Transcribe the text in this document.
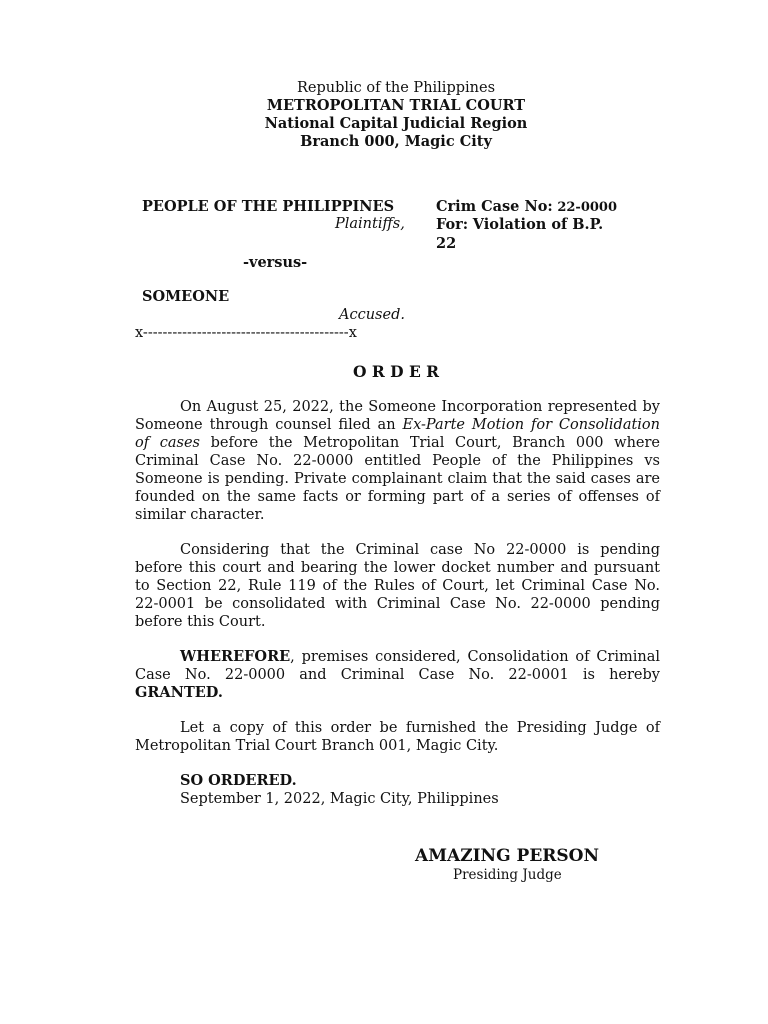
Republic of the Philippines
METROPOLITAN TRIAL COURT
National Capital Judicial Region
Branch 000, Magic City
PEOPLE OF THE PHILIPPINES
Plaintiffs,
-versus-
SOMEONE
Accused.
x------------------------------------------x
Crim Case No: 22-0000
For: Violation of B.P.
22
O R D E R

On August 25, 2022, the Someone Incorporation represented by Someone through counsel filed an Ex-Parte Motion for Consolidation of cases before the Metropolitan Trial Court, Branch 000 where Criminal Case No. 22-0000 entitled People of the Philippines vs Someone is pending. Private complainant claim that the said cases are founded on the same facts or forming part of a series of offenses of similar character.

Considering that the Criminal case No 22-0000 is pending before this court and bearing the lower docket number and pursuant to Section 22, Rule 119 of the Rules of Court, let Criminal Case No. 22-0001 be consolidated with Criminal Case No. 22-0000 pending before this Court.

WHEREFORE, premises considered, Consolidation of Criminal Case No. 22-0000 and Criminal Case No. 22-0001 is hereby GRANTED.

Let a copy of this order be furnished the Presiding Judge of Metropolitan Trial Court Branch 001, Magic City.

SO ORDERED.
September 1, 2022, Magic City, Philippines
AMAZING PERSON
Presiding Judge
